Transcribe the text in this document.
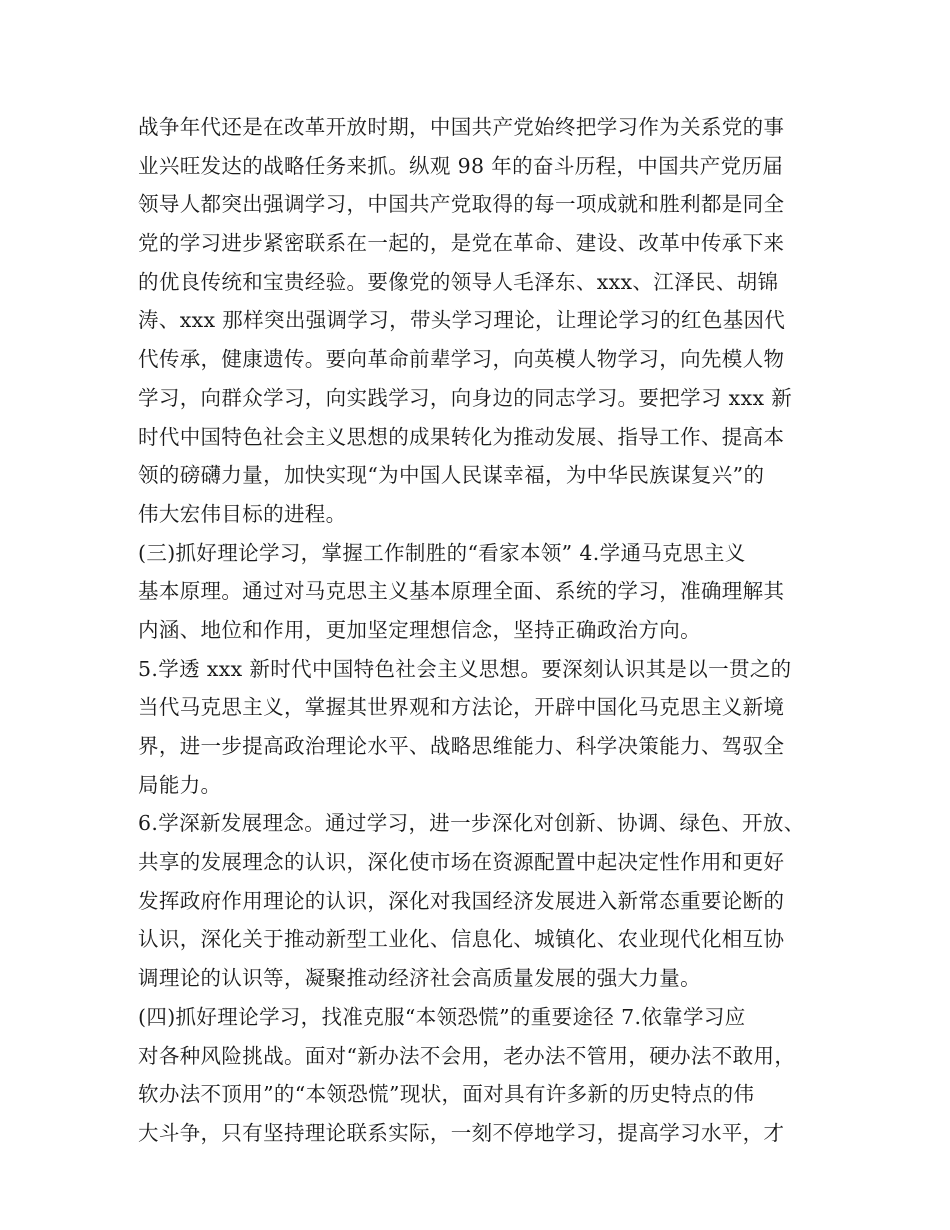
战争年代还是在改革开放时期，中国共产党始终把学习作为关系党的事
业兴旺发达的战略任务来抓。纵观 98 年的奋斗历程，中国共产党历届
领导人都突出强调学习，中国共产党取得的每一项成就和胜利都是同全
党的学习进步紧密联系在一起的，是党在革命、建设、改革中传承下来
的优良传统和宝贵经验。要像党的领导人毛泽东、xxx、江泽民、胡锦
涛、xxx 那样突出强调学习，带头学习理论，让理论学习的红色基因代
代传承，健康遗传。要向革命前辈学习，向英模人物学习，向先模人物
学习，向群众学习，向实践学习，向身边的同志学习。要把学习 xxx 新
时代中国特色社会主义思想的成果转化为推动发展、指导工作、提高本
领的磅礴力量，加快实现“为中国人民谋幸福，为中华民族谋复兴”的
伟大宏伟目标的进程。
(三)抓好理论学习，掌握工作制胜的“看家本领” 4.学通马克思主义
基本原理。通过对马克思主义基本原理全面、系统的学习，准确理解其
内涵、地位和作用，更加坚定理想信念，坚持正确政治方向。
5.学透 xxx 新时代中国特色社会主义思想。要深刻认识其是以一贯之的
当代马克思主义，掌握其世界观和方法论，开辟中国化马克思主义新境
界，进一步提高政治理论水平、战略思维能力、科学决策能力、驾驭全
局能力。
6.学深新发展理念。通过学习，进一步深化对创新、协调、绿色、开放、
共享的发展理念的认识，深化使市场在资源配置中起决定性作用和更好
发挥政府作用理论的认识，深化对我国经济发展进入新常态重要论断的
认识，深化关于推动新型工业化、信息化、城镇化、农业现代化相互协
调理论的认识等，凝聚推动经济社会高质量发展的强大力量。
(四)抓好理论学习，找准克服“本领恐慌”的重要途径 7.依靠学习应
对各种风险挑战。面对“新办法不会用，老办法不管用，硬办法不敢用，
软办法不顶用”的“本领恐慌”现状，面对具有许多新的历史特点的伟
大斗争，只有坚持理论联系实际，一刻不停地学习，提高学习水平，才
